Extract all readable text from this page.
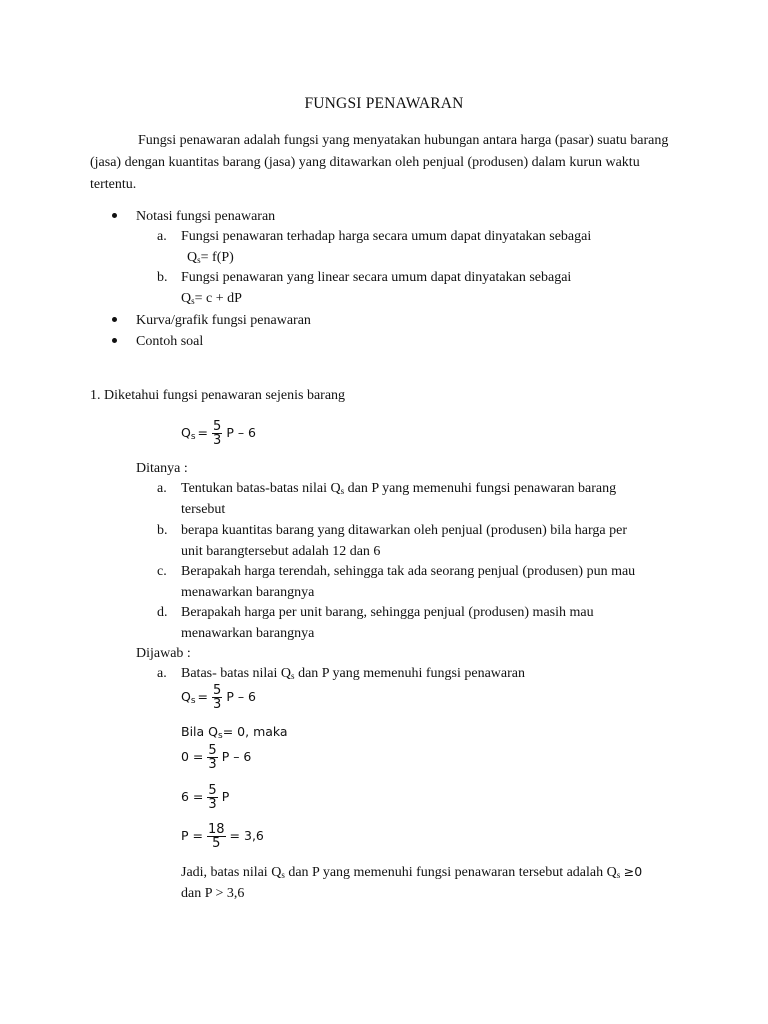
FUNGSI PENAWARAN
Fungsi penawaran adalah fungsi yang menyatakan hubungan antara harga (pasar) suatu barang (jasa) dengan kuantitas barang (jasa) yang ditawarkan oleh penjual (produsen) dalam kurun waktu tertentu.
Notasi fungsi penawaran
a. Fungsi penawaran terhadap harga secara umum dapat dinyatakan sebagai
$Q_s= f(P)$
b. Fungsi penawaran yang linear secara umum dapat dinyatakan sebagai
$Q_s= c$ + dP
Kurva/grafik fungsi penawaran
Contoh soal
1. Diketahui fungsi penawaran sejenis barang
$Q_s = \frac{5}{3}$ P – 6
Ditanya :
a. Tentukan batas-batas nilai $Q_s$ dan P yang memenuhi fungsi penawaran barang
tersebut
b. berapa kuantitas barang yang ditawarkan oleh penjual (produsen) bila harga per
unit barangtersebut adalah 12 dan 6
c. Berapakah harga terendah, sehingga tak ada seorang penjual (produsen) pun mau
menawarkan barangnya
d. Berapakah harga per unit barang, sehingga penjual (produsen) masih mau
menawarkan barangnya
Dijawab :
a. Batas- batas nilai $Q_s$ dan P yang memenuhi fungsi penawaran
$Q_s = \frac{5}{3}$ P – 6
Bila $Q_s= 0$, maka
$0 = \frac{5}{3}$ P – 6
$6 = \frac{5}{3}$ P
$P = \frac{18}{5} = 3,6$
Jadi, batas nilai $Q_s$ dan P yang memenuhi fungsi penawaran tersebut adalah $Q_s \ge 0$
dan P > 3,6
